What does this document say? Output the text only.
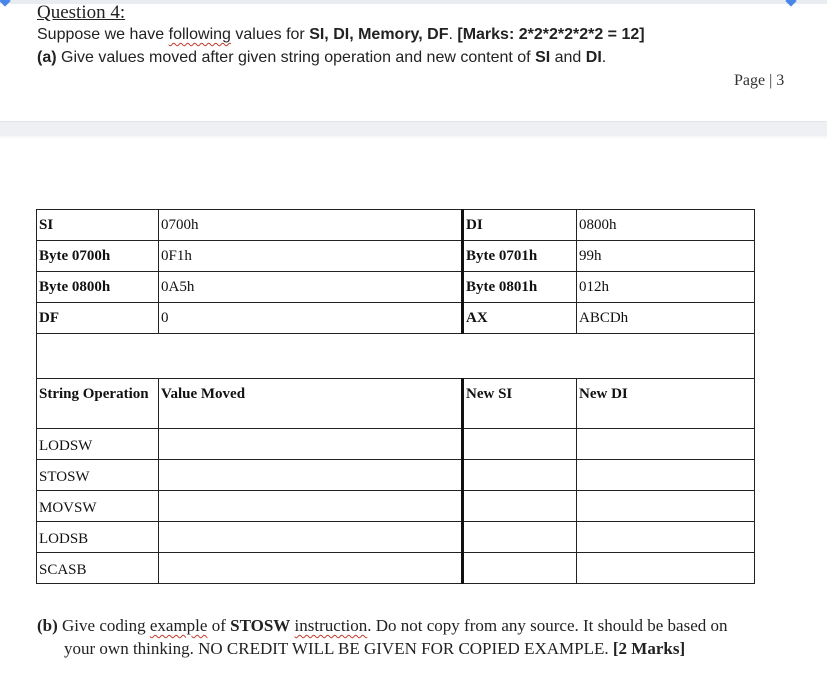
Question 4:
Suppose we have following values for SI, DI, Memory, DF. [Marks: 2*2*2*2*2*2 = 12]
(a) Give values moved after given string operation and new content of SI and DI.
Page | 3
SI	0700h	DI	0800h
Byte 0700h	0F1h	Byte 0701h	99h
Byte 0800h	0A5h	Byte 0801h	012h
DF	0	AX	ABCDh

String Operation	Value Moved	New SI	New DI
LODSW			
STOSW			
MOVSW			
LODSB			
SCASB			
(b) Give coding example of STOSW instruction. Do not copy from any source. It should be based on
your own thinking. NO CREDIT WILL BE GIVEN FOR COPIED EXAMPLE. [2 Marks]
